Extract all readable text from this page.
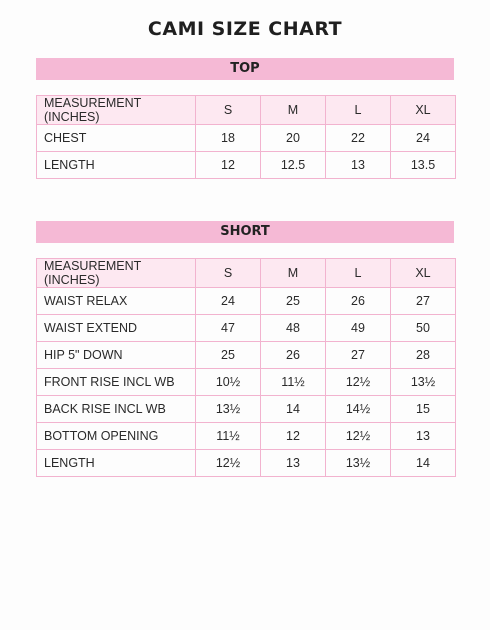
CAMI SIZE CHART
TOP
MEASUREMENT (INCHES)	S	M	L	XL
CHEST	18	20	22	24
LENGTH	12	12.5	13	13.5
SHORT
MEASUREMENT (INCHES)	S	M	L	XL
WAIST RELAX	24	25	26	27
WAIST EXTEND	47	48	49	50
HIP 5" DOWN	25	26	27	28
FRONT RISE INCL WB	10½	11½	12½	13½
BACK RISE INCL WB	13½	14	14½	15
BOTTOM OPENING	11½	12	12½	13
LENGTH	12½	13	13½	14
